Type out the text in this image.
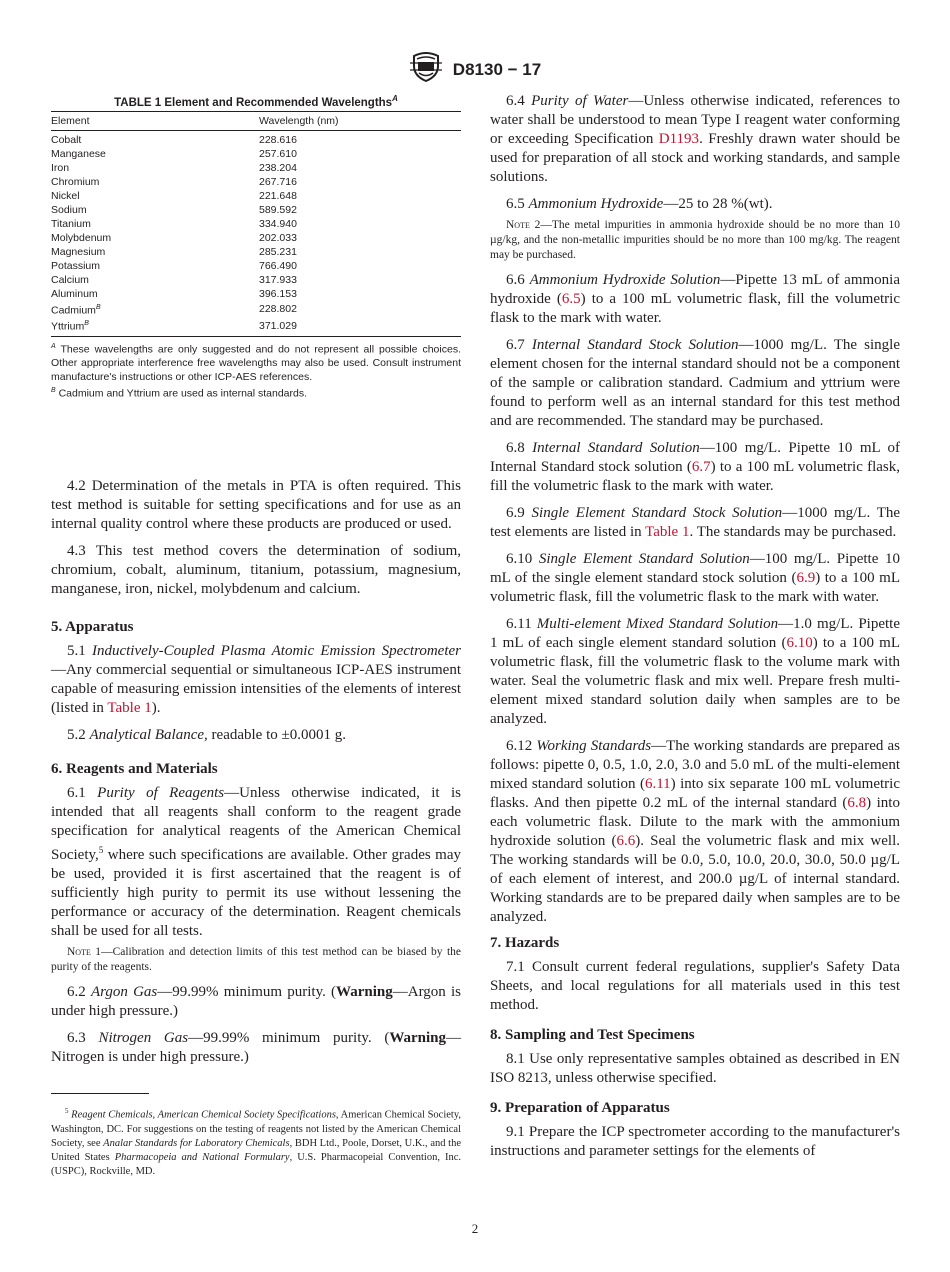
D8130 − 17
TABLE 1 Element and Recommended Wavelengths$^A$
Element	Wavelength (nm)
Cobalt	228.616
Manganese	257.610
Iron	238.204
Chromium	267.716
Nickel	221.648
Sodium	589.592
Titanium	334.940
Molybdenum	202.033
Magnesium	285.231
Potassium	766.490
Calcium	317.933
Aluminum	396.153
Cadmium$^B$	228.802
Yttrium$^B$	371.029

$^A$ These wavelengths are only suggested and do not represent all possible choices. Other appropriate interference free wavelengths may also be used. Consult instrument manufacture's instructions or other ICP-AES references.

$^B$ Cadmium and Yttrium are used as internal standards.

4.2 Determination of the metals in PTA is often required. This test method is suitable for setting specifications and for use as an internal quality control where these products are produced or used.

4.3 This test method covers the determination of sodium, chromium, cobalt, aluminum, titanium, potassium, magnesium, manganese, iron, nickel, molybdenum and calcium.

5. Apparatus

5.1 Inductively-Coupled Plasma Atomic Emission Spectrometer—Any commercial sequential or simultaneous ICP-AES instrument capable of measuring emission intensities of the elements of interest (listed in Table 1).

5.2 Analytical Balance, readable to ±0.0001 g.

6. Reagents and Materials

6.1 Purity of Reagents—Unless otherwise indicated, it is intended that all reagents shall conform to the reagent grade specification for analytical reagents of the American Chemical Society,$^5$ where such specifications are available. Other grades may be used, provided it is first ascertained that the reagent is of sufficiently high purity to permit its use without lessening the performance or accuracy of the determination. Reagent chemicals shall be used for all tests.

Note 1—Calibration and detection limits of this test method can be biased by the purity of the reagents.

6.2 Argon Gas—99.99% minimum purity. (Warning—Argon is under high pressure.)

6.3 Nitrogen Gas—99.99% minimum purity. (Warning—Nitrogen is under high pressure.)

$^5$ Reagent Chemicals, American Chemical Society Specifications, American Chemical Society, Washington, DC. For suggestions on the testing of reagents not listed by the American Chemical Society, see Analar Standards for Laboratory Chemicals, BDH Ltd., Poole, Dorset, U.K., and the United States Pharmacopeia and National Formulary, U.S. Pharmacopeial Convention, Inc. (USPC), Rockville, MD.

6.4 Purity of Water—Unless otherwise indicated, references to water shall be understood to mean Type I reagent water conforming or exceeding Specification D1193. Freshly drawn water should be used for preparation of all stock and working standards, and sample solutions.

6.5 Ammonium Hydroxide—25 to 28 %(wt).

Note 2—The metal impurities in ammonia hydroxide should be no more than 10 µg/kg, and the non-metallic impurities should be no more than 100 mg/kg. The reagent may be purchased.

6.6 Ammonium Hydroxide Solution—Pipette 13 mL of ammonia hydroxide (6.5) to a 100 mL volumetric flask, fill the volumetric flask to the mark with water.

6.7 Internal Standard Stock Solution—1000 mg/L. The single element chosen for the internal standard should not be a component of the sample or calibration standard. Cadmium and yttrium were found to perform well as an internal standard for this test method and are recommended. The standard may be purchased.

6.8 Internal Standard Solution—100 mg/L. Pipette 10 mL of Internal Standard stock solution (6.7) to a 100 mL volumetric flask, fill the volumetric flask to the mark with water.

6.9 Single Element Standard Stock Solution—1000 mg/L. The test elements are listed in Table 1. The standards may be purchased.

6.10 Single Element Standard Solution—100 mg/L. Pipette 10 mL of the single element standard stock solution (6.9) to a 100 mL volumetric flask, fill the volumetric flask to the mark with water.

6.11 Multi-element Mixed Standard Solution—1.0 mg/L. Pipette 1 mL of each single element standard solution (6.10) to a 100 mL volumetric flask, fill the volumetric flask to the volume mark with water. Seal the volumetric flask and mix well. Prepare fresh multi-element mixed standard solution daily when samples are to be analyzed.

6.12 Working Standards—The working standards are prepared as follows: pipette 0, 0.5, 1.0, 2.0, 3.0 and 5.0 mL of the multi-element mixed standard solution (6.11) into six separate 100 mL volumetric flasks. And then pipette 0.2 mL of the internal standard (6.8) into each volumetric flask. Dilute to the mark with the ammonium hydroxide solution (6.6). Seal the volumetric flask and mix well. The working standards will be 0.0, 5.0, 10.0, 20.0, 30.0, 50.0 µg/L of each element of interest, and 200.0 µg/L of internal standard. Working standards are to be prepared daily when samples are to be analyzed.

7. Hazards

7.1 Consult current federal regulations, supplier's Safety Data Sheets, and local regulations for all materials used in this test method.

8. Sampling and Test Specimens

8.1 Use only representative samples obtained as described in EN ISO 8213, unless otherwise specified.

9. Preparation of Apparatus

9.1 Prepare the ICP spectrometer according to the manufacturer's instructions and parameter settings for the elements of

2
